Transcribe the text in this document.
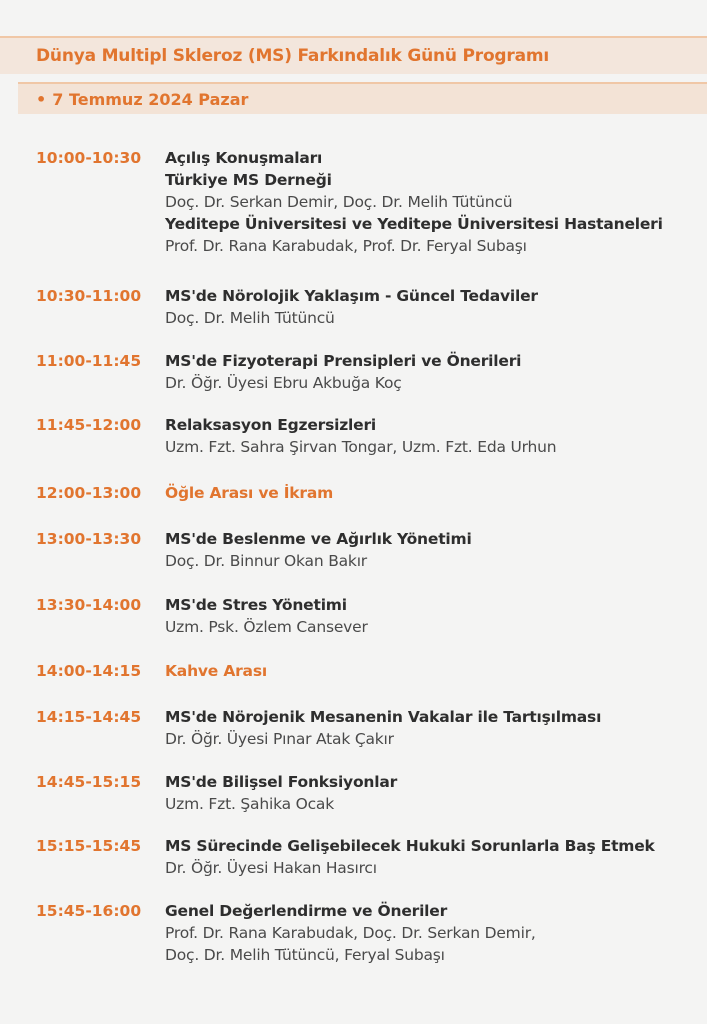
Dünya Multipl Skleroz (MS) Farkındalık Günü Programı
• 7 Temmuz 2024 Pazar
10:00-10:30 Açılış Konuşmaları
Türkiye MS Derneği
Doç. Dr. Serkan Demir, Doç. Dr. Melih Tütüncü
Yeditepe Üniversitesi ve Yeditepe Üniversitesi Hastaneleri
Prof. Dr. Rana Karabudak, Prof. Dr. Feryal Subaşı
10:30-11:00 MS'de Nörolojik Yaklaşım - Güncel Tedaviler
Doç. Dr. Melih Tütüncü
11:00-11:45 MS'de Fizyoterapi Prensipleri ve Önerileri
Dr. Öğr. Üyesi Ebru Akbuğa Koç
11:45-12:00 Relaksasyon Egzersizleri
Uzm. Fzt. Sahra Şirvan Tongar, Uzm. Fzt. Eda Urhun
12:00-13:00 Öğle Arası ve İkram
13:00-13:30 MS'de Beslenme ve Ağırlık Yönetimi
Doç. Dr. Binnur Okan Bakır
13:30-14:00 MS'de Stres Yönetimi
Uzm. Psk. Özlem Cansever
14:00-14:15 Kahve Arası
14:15-14:45 MS'de Nörojenik Mesanenin Vakalar ile Tartışılması
Dr. Öğr. Üyesi Pınar Atak Çakır
14:45-15:15 MS'de Bilişsel Fonksiyonlar
Uzm. Fzt. Şahika Ocak
15:15-15:45 MS Sürecinde Gelişebilecek Hukuki Sorunlarla Baş Etmek
Dr. Öğr. Üyesi Hakan Hasırcı
15:45-16:00 Genel Değerlendirme ve Öneriler
Prof. Dr. Rana Karabudak, Doç. Dr. Serkan Demir,
Doç. Dr. Melih Tütüncü, Feryal Subaşı
